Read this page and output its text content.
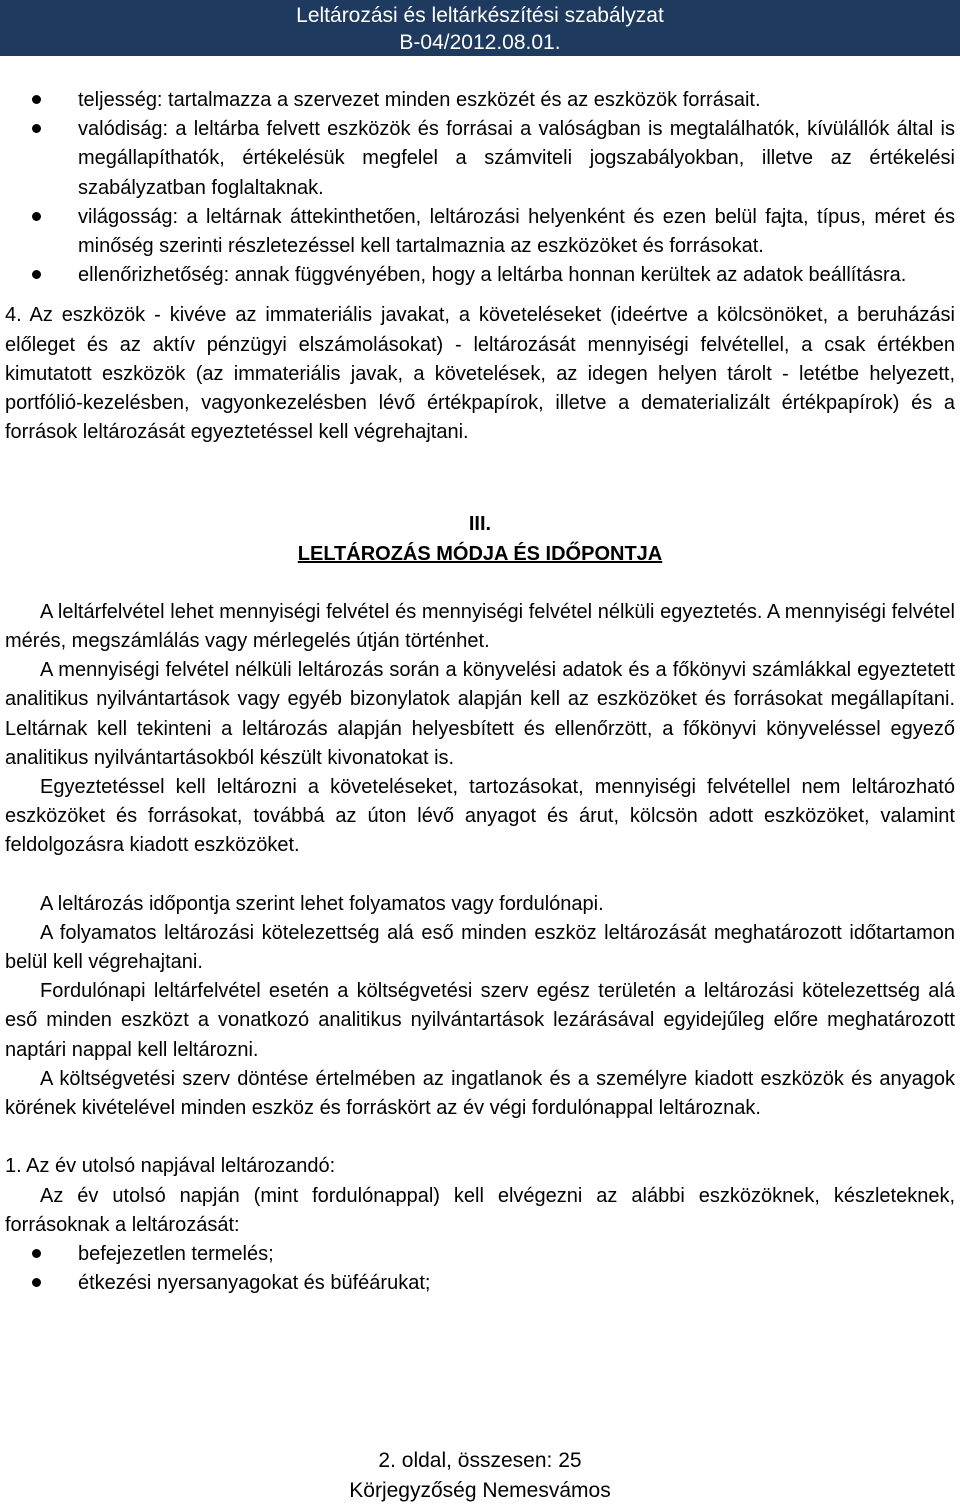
Leltározási és leltárkészítési szabályzat
B-04/2012.08.01.
teljesség: tartalmazza a szervezet minden eszközét és az eszközök forrásait.
valódiság: a leltárba felvett eszközök és forrásai a valóságban is megtalálhatók, kívülállók által is megállapíthatók, értékelésük megfelel a számviteli jogszabályokban, illetve az értékelési szabályzatban foglaltaknak.
világosság: a leltárnak áttekinthetően, leltározási helyenként és ezen belül fajta, típus, méret és minőség szerinti részletezéssel kell tartalmaznia az eszközöket és forrásokat.
ellenőrizhetőség: annak függvényében, hogy a leltárba honnan kerültek az adatok beállításra.

4. Az eszközök - kivéve az immateriális javakat, a követeléseket (ideértve a kölcsönöket, a beruházási előleget és az aktív pénzügyi elszámolásokat) - leltározását mennyiségi felvétellel, a csak értékben kimutatott eszközök (az immateriális javak, a követelések, az idegen helyen tárolt - letétbe helyezett, portfólió-kezelésben, vagyonkezelésben lévő értékpapírok, illetve a dematerializált értékpapírok) és a források leltározását egyeztetéssel kell végrehajtani.

III.
LELTÁROZÁS MÓDJA ÉS IDŐPONTJA

A leltárfelvétel lehet mennyiségi felvétel és mennyiségi felvétel nélküli egyeztetés. A mennyiségi felvétel mérés, megszámlálás vagy mérlegelés útján történhet.

A mennyiségi felvétel nélküli leltározás során a könyvelési adatok és a főkönyvi számlákkal egyeztetett analitikus nyilvántartások vagy egyéb bizonylatok alapján kell az eszközöket és forrásokat megállapítani. Leltárnak kell tekinteni a leltározás alapján helyesbített és ellenőrzött, a főkönyvi könyveléssel egyező analitikus nyilvántartásokból készült kivonatokat is.

Egyeztetéssel kell leltározni a követeléseket, tartozásokat, mennyiségi felvétellel nem leltározható eszközöket és forrásokat, továbbá az úton lévő anyagot és árut, kölcsön adott eszközöket, valamint feldolgozásra kiadott eszközöket.

A leltározás időpontja szerint lehet folyamatos vagy fordulónapi.

A folyamatos leltározási kötelezettség alá eső minden eszköz leltározását meghatározott időtartamon belül kell végrehajtani.

Fordulónapi leltárfelvétel esetén a költségvetési szerv egész területén a leltározási kötelezettség alá eső minden eszközt a vonatkozó analitikus nyilvántartások lezárásával egyidejűleg előre meghatározott naptári nappal kell leltározni.

A költségvetési szerv döntése értelmében az ingatlanok és a személyre kiadott eszközök és anyagok körének kivételével minden eszköz és forráskört az év végi fordulónappal leltároznak.

1. Az év utolsó napjával leltározandó:

Az év utolsó napján (mint fordulónappal) kell elvégezni az alábbi eszközöknek, készleteknek, forrásoknak a leltározását:

befejezetlen termelés;
étkezési nyersanyagokat és büféárukat;
2. oldal, összesen: 25
Körjegyzőség Nemesvámos
